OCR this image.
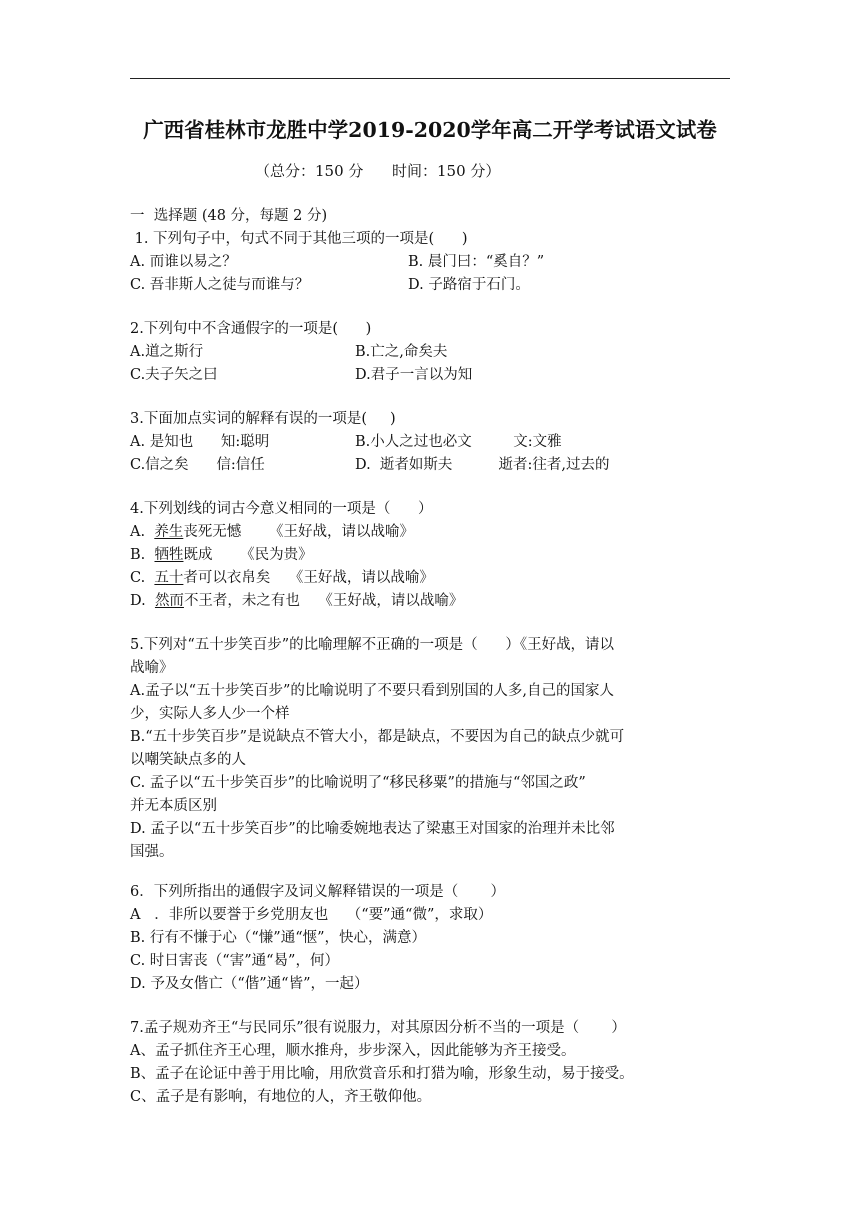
广西省桂林市龙胜中学2019-2020学年高二开学考试语文试卷
（总分：150 分      时间：150 分）
一  选择题 (48 分，每题 2 分)
1. 下列句子中，句式不同于其他三项的一项是(      )
A. 而谁以易之？	B. 晨门曰：“奚自？”
C. 吾非斯人之徒与而谁与？	D. 子路宿于石门。
2.下列句中不含通假字的一项是(      )
A.道之斯行	B.亡之,命矣夫
C.夫子矢之曰	D.君子一言以为知
3.下面加点实词的解释有误的一项是(     )
A. 是知也      知:聪明	B.小人之过也必文         文:文雅
C.信之矣      信:信任	D.  逝者如斯夫          逝者:往者,过去的
4.下列划线的词古今意义相同的一项是（      ）
A.  养生丧死无憾      《王好战，请以战喻》
B.  牺牲既成      《民为贵》
C.  五十者可以衣帛矣    《王好战，请以战喻》
D.  然而不王者，未之有也    《王好战，请以战喻》
5.下列对“五十步笑百步”的比喻理解不正确的一项是（      ）《王好战，请以
战喻》
A.孟子以“五十步笑百步”的比喻说明了不要只看到别国的人多,自己的国家人
少，实际人多人少一个样
B.“五十步笑百步”是说缺点不管大小，都是缺点，不要因为自己的缺点少就可
以嘲笑缺点多的人
C. 孟子以“五十步笑百步”的比喻说明了“移民移粟”的措施与“邻国之政”
并无本质区别
D. 孟子以“五十步笑百步”的比喻委婉地表达了梁惠王对国家的治理并未比邻
国强。
6．下列所指出的通假字及词义解释错误的一项是（       ）
A   ．非所以要誉于乡党朋友也    （“要”通“微”，求取）
B. 行有不慊于心（“慊”通“惬”，快心，满意）
C. 时日害丧（“害”通“曷”，何）
D. 予及女偕亡（“偕”通“皆”，一起）
7.孟子规劝齐王“与民同乐”很有说服力，对其原因分析不当的一项是（       ）
A、孟子抓住齐王心理，顺水推舟，步步深入，因此能够为齐王接受。
B、孟子在论证中善于用比喻，用欣赏音乐和打猎为喻，形象生动，易于接受。
C、孟子是有影响，有地位的人，齐王敬仰他。
